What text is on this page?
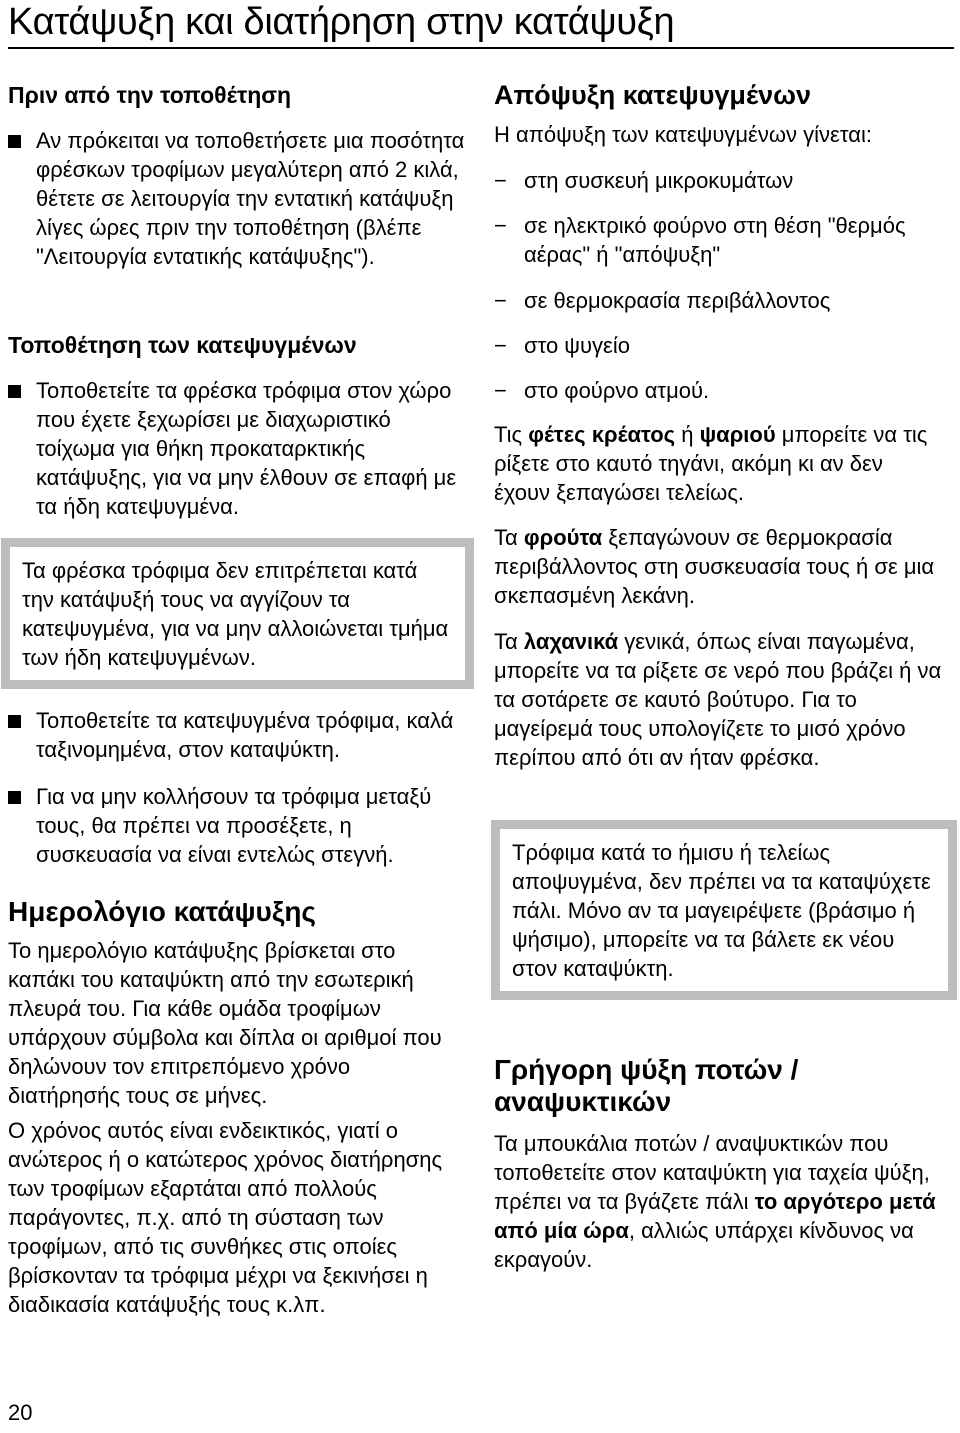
Κατάψυξη και διατήρηση στην κατάψυξη
Πριν από την τοποθέτηση

Αν πρόκειται να τοποθετήσετε μια ποσότητα φρέσκων τροφίμων μεγαλύτερη από 2 κιλά, θέτετε σε λειτουργία την εντατική κατάψυξη λίγες ώρες πριν την τοποθέτηση (βλέπε "Λειτουργία εντατικής κατάψυξης").

Τοποθέτηση των κατεψυγμένων

Τοποθετείτε τα φρέσκα τρόφιμα στον χώρο που έχετε ξεχωρίσει με διαχωριστικό τοίχωμα για θήκη προκαταρκτικής κατάψυξης, για να μην έλθουν σε επαφή με τα ήδη κατεψυγμένα.

Τα φρέσκα τρόφιμα δεν επιτρέπεται κατά την κατάψυξή τους να αγγίζουν τα κατεψυγμένα, για να μην αλλοιώνεται τμήμα των ήδη κατεψυγμένων.

Τοποθετείτε τα κατεψυγμένα τρόφιμα, καλά ταξινομημένα, στον καταψύκτη.

Για να μην κολλήσουν τα τρόφιμα μεταξύ τους, θα πρέπει να προσέξετε, η συσκευασία να είναι εντελώς στεγνή.

Ημερολόγιο κατάψυξης

Το ημερολόγιο κατάψυξης βρίσκεται στο καπάκι του καταψύκτη από την εσωτερική πλευρά του. Για κάθε ομάδα τροφίμων υπάρχουν σύμβολα και δίπλα οι αριθμοί που δηλώνουν τον επιτρεπόμενο χρόνο διατήρησής τους σε μήνες.

Ο χρόνος αυτός είναι ενδεικτικός, γιατί ο ανώτερος ή ο κατώτερος χρόνος διατήρησης των τροφίμων εξαρτάται από πολλούς παράγοντες, π.χ. από τη σύσταση των τροφίμων, από τις συνθήκες στις οποίες βρίσκονταν τα τρόφιμα μέχρι να ξεκινήσει η διαδικασία κατάψυξής τους κ.λπ.

Απόψυξη κατεψυγμένων

Η απόψυξη των κατεψυγμένων γίνεται:

− στη συσκευή μικροκυμάτων

− σε ηλεκτρικό φούρνο στη θέση "θερμός αέρας" ή "απόψυξη"

− σε θερμοκρασία περιβάλλοντος

− στο ψυγείο

− στο φούρνο ατμού.

Τις φέτες κρέατος ή ψαριού μπορείτε να τις ρίξετε στο καυτό τηγάνι, ακόμη κι αν δεν έχουν ξεπαγώσει τελείως.

Τα φρούτα ξεπαγώνουν σε θερμοκρασία περιβάλλοντος στη συσκευασία τους ή σε μια σκεπασμένη λεκάνη.

Τα λαχανικά γενικά, όπως είναι παγωμένα, μπορείτε να τα ρίξετε σε νερό που βράζει ή να τα σοτάρετε σε καυτό βούτυρο. Για το μαγείρεμά τους υπολογίζετε το μισό χρόνο περίπου από ότι αν ήταν φρέσκα.

Τρόφιμα κατά το ήμισυ ή τελείως αποψυγμένα, δεν πρέπει να τα καταψύχετε πάλι. Μόνο αν τα μαγειρέψετε (βράσιμο ή ψήσιμο), μπορείτε να τα βάλετε εκ νέου στον καταψύκτη.

Γρήγορη ψύξη ποτών / αναψυκτικών

Τα μπουκάλια ποτών / αναψυκτικών που τοποθετείτε στον καταψύκτη για ταχεία ψύξη, πρέπει να τα βγάζετε πάλι το αργότερο μετά από μία ώρα, αλλιώς υπάρχει κίνδυνος να εκραγούν.

20
